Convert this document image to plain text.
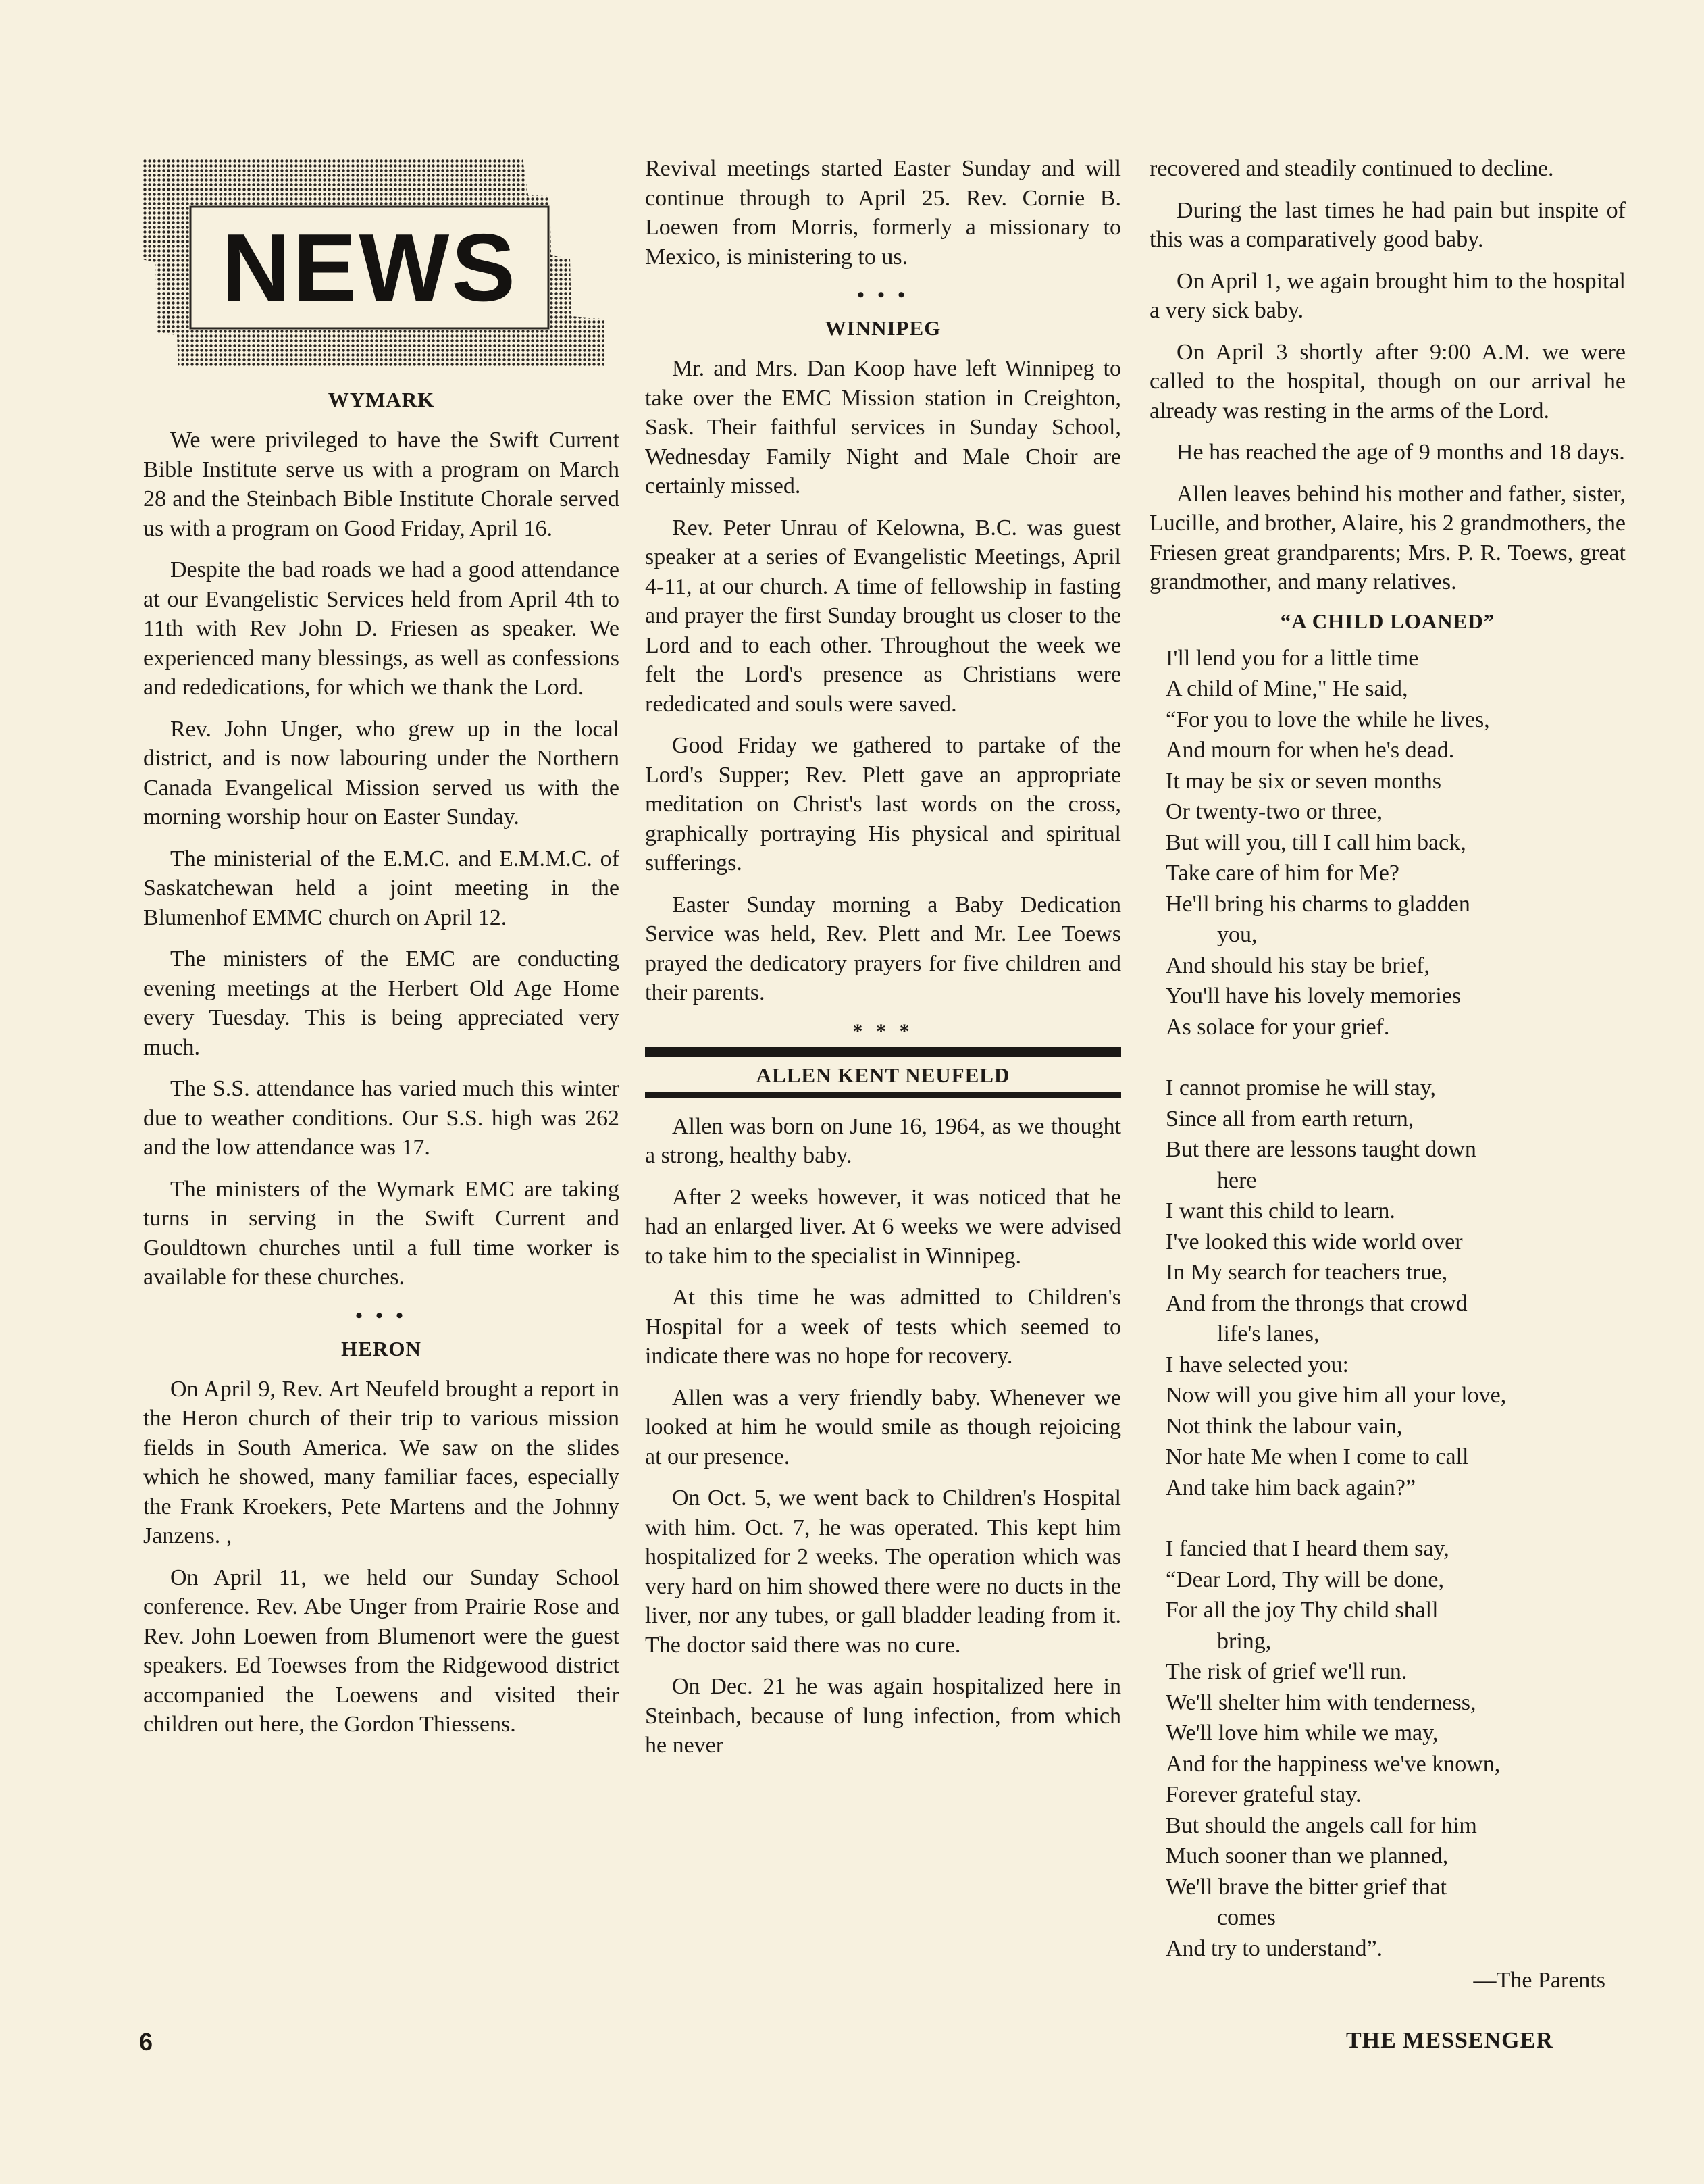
NEWS
WYMARK

We were privileged to have the Swift Current Bible Institute serve us with a program on March 28 and the Steinbach Bible Institute Chorale served us with a program on Good Friday, April 16.

Despite the bad roads we had a good attendance at our Evangelistic Services held from April 4th to 11th with Rev John D. Friesen as speaker. We experienced many blessings, as well as confessions and rededications, for which we thank the Lord.

Rev. John Unger, who grew up in the local district, and is now labouring under the Northern Canada Evangelical Mission served us with the morning worship hour on Easter Sunday.

The ministerial of the E.M.C. and E.M.M.C. of Saskatchewan held a joint meeting in the Blumenhof EMMC church on April 12.

The ministers of the EMC are conducting evening meetings at the Herbert Old Age Home every Tuesday. This is being appreciated very much.

The S.S. attendance has varied much this winter due to weather conditions. Our S.S. high was 262 and the low attendance was 17.

The ministers of the Wymark EMC are taking turns in serving in the Swift Current and Gouldtown churches until a full time worker is available for these churches.

• • •
HERON

On April 9, Rev. Art Neufeld brought a report in the Heron church of their trip to various mission fields in South America. We saw on the slides which he showed, many familiar faces, especially the Frank Kroekers, Pete Martens and the Johnny Janzens. ,

On April 11, we held our Sunday School conference. Rev. Abe Unger from Prairie Rose and Rev. John Loewen from Blumenort were the guest speakers. Ed Toewses from the Ridgewood district accompanied the Loewens and visited their children out here, the Gordon Thiessens.

Revival meetings started Easter Sunday and will continue through to April 25. Rev. Cornie B. Loewen from Morris, formerly a missionary to Mexico, is ministering to us.

• • •
WINNIPEG

Mr. and Mrs. Dan Koop have left Winnipeg to take over the EMC Mission station in Creighton, Sask. Their faithful services in Sunday School, Wednesday Family Night and Male Choir are certainly missed.

Rev. Peter Unrau of Kelowna, B.C. was guest speaker at a series of Evangelistic Meetings, April 4-11, at our church. A time of fellowship in fasting and prayer the first Sunday brought us closer to the Lord and to each other. Throughout the week we felt the Lord's presence as Christians were rededicated and souls were saved.

Good Friday we gathered to partake of the Lord's Supper; Rev. Plett gave an appropriate meditation on Christ's last words on the cross, graphically portraying His physical and spiritual sufferings.

Easter Sunday morning a Baby Dedication Service was held, Rev. Plett and Mr. Lee Toews prayed the dedicatory prayers for five children and their parents.

* * *
ALLEN KENT NEUFELD

Allen was born on June 16, 1964, as we thought a strong, healthy baby.

After 2 weeks however, it was noticed that he had an enlarged liver. At 6 weeks we were advised to take him to the specialist in Winnipeg.

At this time he was admitted to Children's Hospital for a week of tests which seemed to indicate there was no hope for recovery.

Allen was a very friendly baby. Whenever we looked at him he would smile as though rejoicing at our presence.

On Oct. 5, we went back to Children's Hospital with him. Oct. 7, he was operated. This kept him hospitalized for 2 weeks. The operation which was very hard on him showed there were no ducts in the liver, nor any tubes, or gall bladder leading from it. The doctor said there was no cure.

On Dec. 21 he was again hospitalized here in Steinbach, because of lung infection, from which he never

recovered and steadily continued to decline.

During the last times he had pain but inspite of this was a comparatively good baby.

On April 1, we again brought him to the hospital a very sick baby.

On April 3 shortly after 9:00 A.M. we were called to the hospital, though on our arrival he already was resting in the arms of the Lord.

He has reached the age of 9 months and 18 days.

Allen leaves behind his mother and father, sister, Lucille, and brother, Alaire, his 2 grandmothers, the Friesen great grandparents; Mrs. P. R. Toews, great grandmother, and many relatives.

“A CHILD LOANED”
I'll lend you for a little time
A child of Mine," He said,
“For you to love the while he lives,
And mourn for when he's dead.
It may be six or seven months
Or twenty-two or three,
But will you, till I call him back,
Take care of him for Me?
He'll bring his charms to gladden
you,
And should his stay be brief,
You'll have his lovely memories
As solace for your grief.
I cannot promise he will stay,
Since all from earth return,
But there are lessons taught down
here
I want this child to learn.
I've looked this wide world over
In My search for teachers true,
And from the throngs that crowd
life's lanes,
I have selected you:
Now will you give him all your love,
Not think the labour vain,
Nor hate Me when I come to call
And take him back again?”
I fancied that I heard them say,
“Dear Lord, Thy will be done,
For all the joy Thy child shall
bring,
The risk of grief we'll run.
We'll shelter him with tenderness,
We'll love him while we may,
And for the happiness we've known,
Forever grateful stay.
But should the angels call for him
Much sooner than we planned,
We'll brave the bitter grief that
comes
And try to understand”.
—The Parents
6	THE MESSENGER
